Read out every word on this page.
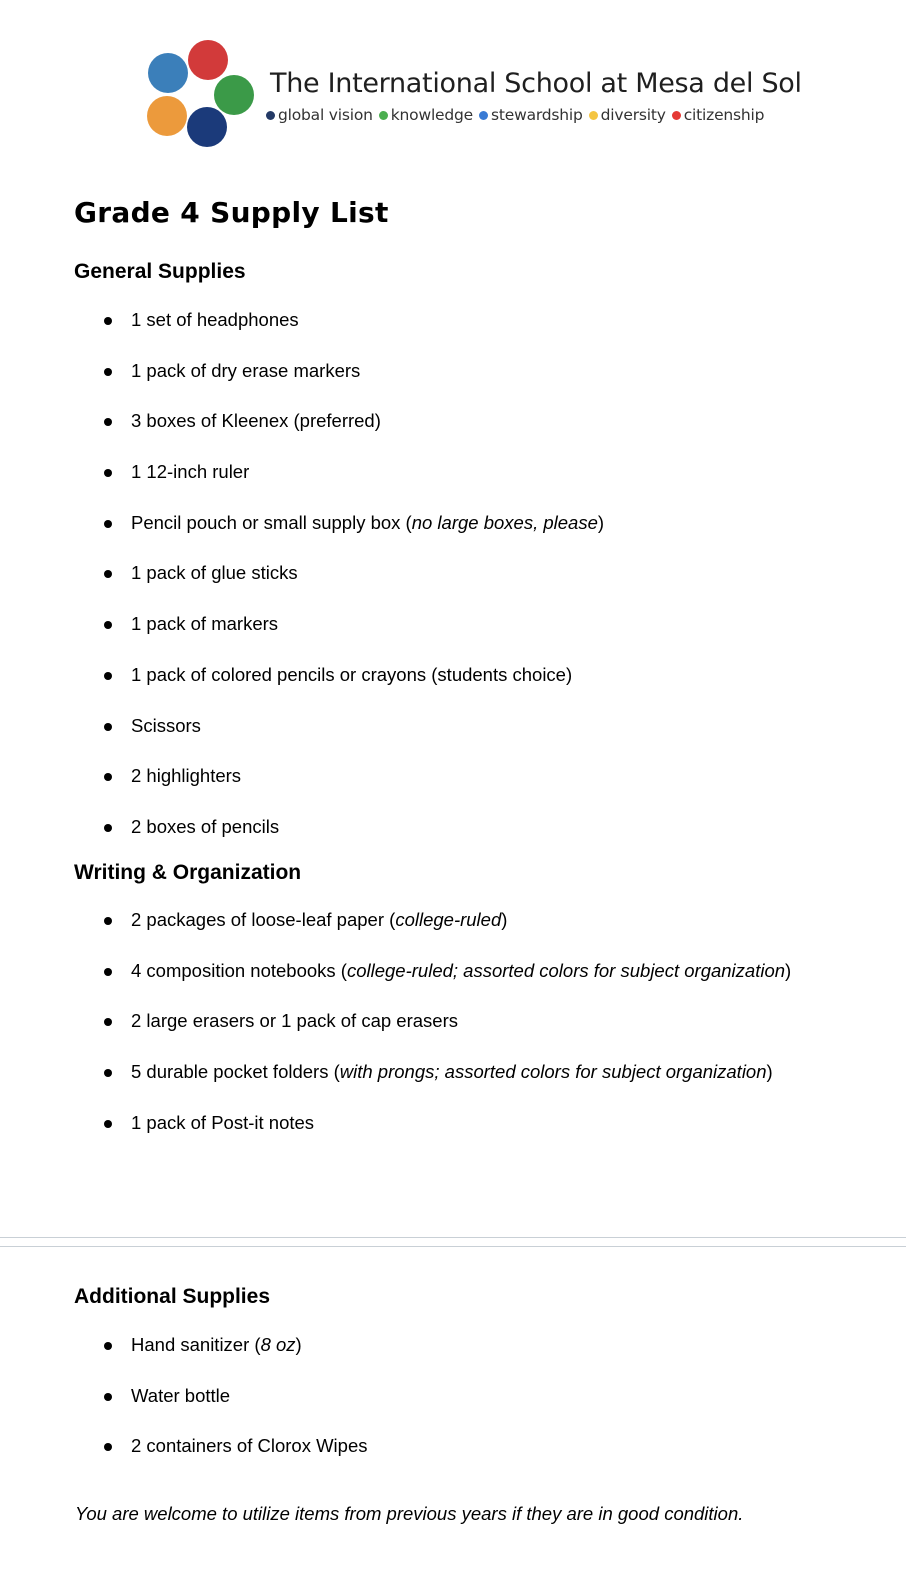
The International School at Mesa del Sol
global vision knowledge stewardship diversity citizenship
Grade 4 Supply List
General Supplies
1 set of headphones
1 pack of dry erase markers
3 boxes of Kleenex (preferred)
1 12-inch ruler
Pencil pouch or small supply box (no large boxes, please)
1 pack of glue sticks
1 pack of markers
1 pack of colored pencils or crayons (students choice)
Scissors
2 highlighters
2 boxes of pencils
Writing & Organization
2 packages of loose-leaf paper (college-ruled)
4 composition notebooks (college-ruled; assorted colors for subject organization)
2 large erasers or 1 pack of cap erasers
5 durable pocket folders (with prongs; assorted colors for subject organization)
1 pack of Post-it notes
Additional Supplies
Hand sanitizer (8 oz)
Water bottle
2 containers of Clorox Wipes

You are welcome to utilize items from previous years if they are in good condition.
